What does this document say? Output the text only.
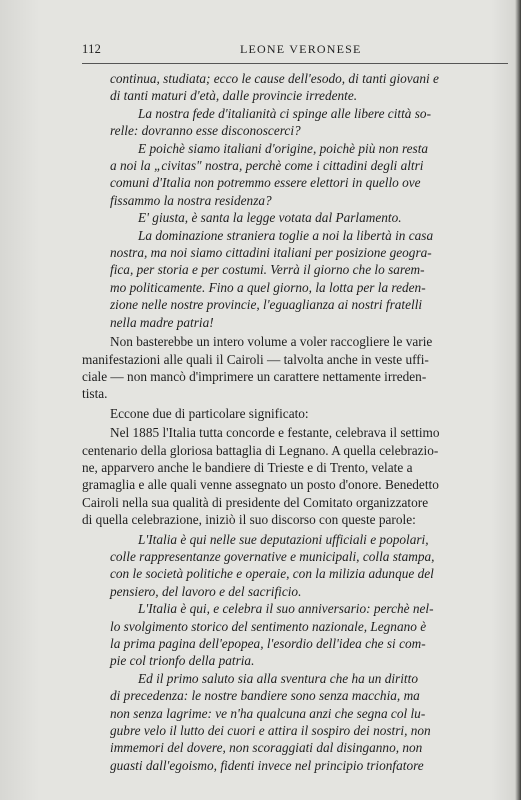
112	LEONE VERONESE
continua, studiata; ecco le cause dell'esodo, di tanti giovani e
di tanti maturi d'età, dalle provincie irredente.
La nostra fede d'italianità ci spinge alle libere città so-
relle: dovranno esse disconoscerci?
E poichè siamo italiani d'origine, poichè più non resta
a noi la „civitas" nostra, perchè come i cittadini degli altri
comuni d'Italia non potremmo essere elettori in quello ove
fissammo la nostra residenza?
E' giusta, è santa la legge votata dal Parlamento.
La dominazione straniera toglie a noi la libertà in casa
nostra, ma noi siamo cittadini italiani per posizione geogra-
fica, per storia e per costumi. Verrà il giorno che lo sarem-
mo politicamente. Fino a quel giorno, la lotta per la reden-
zione nelle nostre provincie, l'eguaglianza ai nostri fratelli
nella madre patria!
Non basterebbe un intero volume a voler raccogliere le varie
manifestazioni alle quali il Cairoli — talvolta anche in veste uffi-
ciale — non mancò d'imprimere un carattere nettamente irreden-
tista.
Eccone due di particolare significato:
Nel 1885 l'Italia tutta concorde e festante, celebrava il settimo
centenario della gloriosa battaglia di Legnano. A quella celebrazio-
ne, apparvero anche le bandiere di Trieste e di Trento, velate a
gramaglia e alle quali venne assegnato un posto d'onore. Benedetto
Cairoli nella sua qualità di presidente del Comitato organizzatore
di quella celebrazione, iniziò il suo discorso con queste parole:
L'Italia è qui nelle sue deputazioni ufficiali e popolari,
colle rappresentanze governative e municipali, colla stampa,
con le società politiche e operaie, con la milizia adunque del
pensiero, del lavoro e del sacrificio.
L'Italia è qui, e celebra il suo anniversario: perchè nel-
lo svolgimento storico del sentimento nazionale, Legnano è
la prima pagina dell'epopea, l'esordio dell'idea che si com-
pie col trionfo della patria.
Ed il primo saluto sia alla sventura che ha un diritto
di precedenza: le nostre bandiere sono senza macchia, ma
non senza lagrime: ve n'ha qualcuna anzi che segna col lu-
gubre velo il lutto dei cuori e attira il sospiro dei nostri, non
immemori del dovere, non scoraggiati dal disinganno, non
guasti dall'egoismo, fidenti invece nel principio trionfatore
